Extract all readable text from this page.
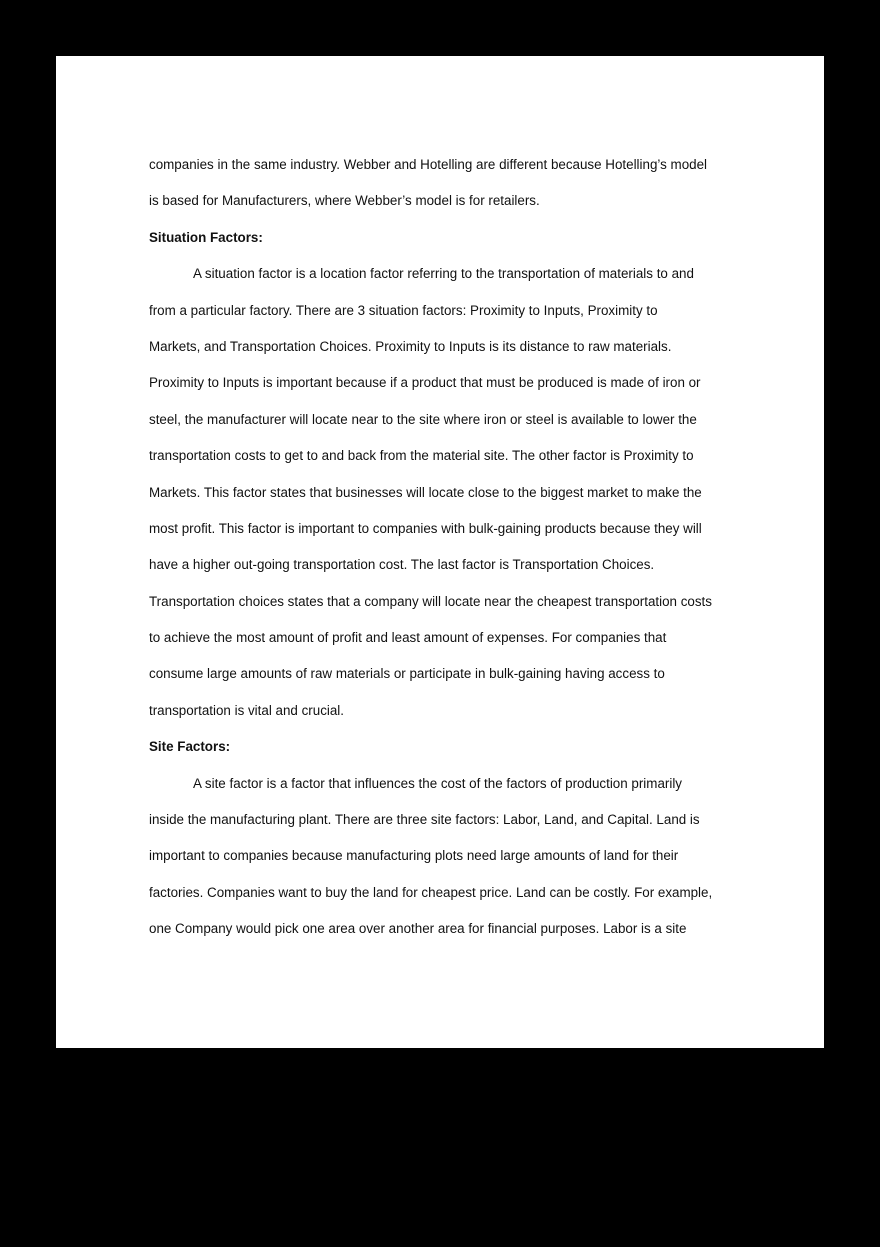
companies in the same industry. Webber and Hotelling are different because Hotelling’s model
is based for Manufacturers, where Webber’s model is for retailers.
Situation Factors:
A situation factor is a location factor referring to the transportation of materials to and
from a particular factory. There are 3 situation factors: Proximity to Inputs, Proximity to
Markets, and Transportation Choices. Proximity to Inputs is its distance to raw materials.
Proximity to Inputs is important because if a product that must be produced is made of iron or
steel, the manufacturer will locate near to the site where iron or steel is available to lower the
transportation costs to get to and back from the material site. The other factor is Proximity to
Markets. This factor states that businesses will locate close to the biggest market to make the
most profit. This factor is important to companies with bulk-gaining products because they will
have a higher out-going transportation cost. The last factor is Transportation Choices.
Transportation choices states that a company will locate near the cheapest transportation costs
to achieve the most amount of profit and least amount of expenses. For companies that
consume large amounts of raw materials or participate in bulk-gaining having access to
transportation is vital and crucial.
Site Factors:
A site factor is a factor that influences the cost of the factors of production primarily
inside the manufacturing plant. There are three site factors: Labor, Land, and Capital. Land is
important to companies because manufacturing plots need large amounts of land for their
factories. Companies want to buy the land for cheapest price. Land can be costly. For example,
one Company would pick one area over another area for financial purposes. Labor is a site
